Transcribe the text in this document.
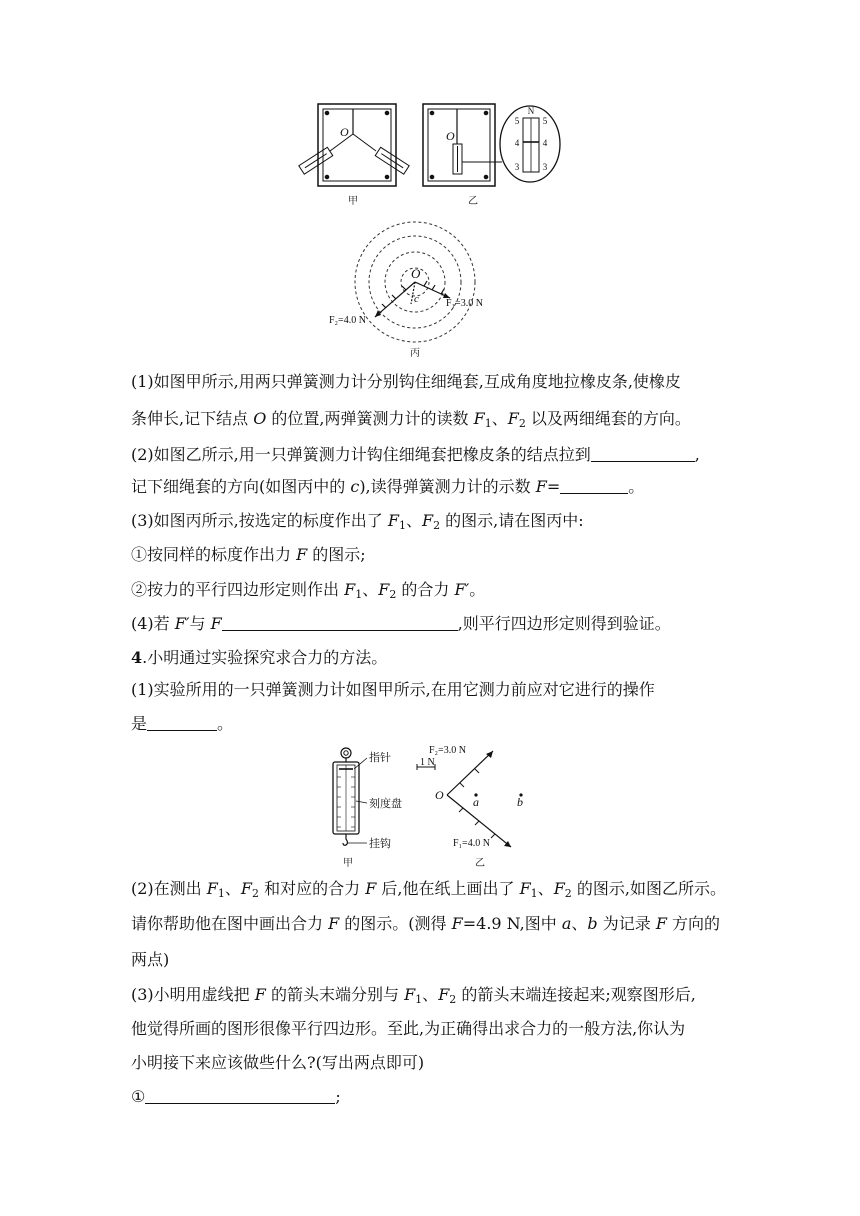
O
甲
O
乙
N
5	5
4	4
3	3
O
c	F₁=3.0 N
F₂=4.0 N
丙
(1)如图甲所示,用两只弹簧测力计分别钩住细绳套,互成角度地拉橡皮条,使橡皮
条伸长,记下结点 O 的位置,两弹簧测力计的读数 $F_1$、$F_2$ 以及两细绳套的方向。
(2)如图乙所示,用一只弹簧测力计钩住细绳套把橡皮条的结点拉到	,
记下细绳套的方向(如图丙中的 c),读得弹簧测力计的示数 F=	。
(3)如图丙所示,按选定的标度作出了 $F_1$、$F_2$ 的图示,请在图丙中:
①按同样的标度作出力 F 的图示;
②按力的平行四边形定则作出 $F_1$、$F_2$ 的合力 F′。
(4)若 F′与 F	,则平行四边形定则得到验证。
4.小明通过实验探究求合力的方法。
(1)实验所用的一只弹簧测力计如图甲所示,在用它测力前应对它进行的操作
是	。
指针
刻度盘
挂钩
甲
F₂=3.0 N
1 N
O a	b
F₁=4.0 N
乙
(2)在测出 $F_1$、$F_2$ 和对应的合力 F 后,他在纸上画出了 $F_1$、$F_2$ 的图示,如图乙所示。
请你帮助他在图中画出合力 F 的图示。(测得 F=4.9 N,图中 a、b 为记录 F 方向的
两点)
(3)小明用虚线把 F 的箭头末端分别与 $F_1$、$F_2$ 的箭头末端连接起来;观察图形后,
他觉得所画的图形很像平行四边形。至此,为正确得出求合力的一般方法,你认为
小明接下来应该做些什么?(写出两点即可)
①	;
